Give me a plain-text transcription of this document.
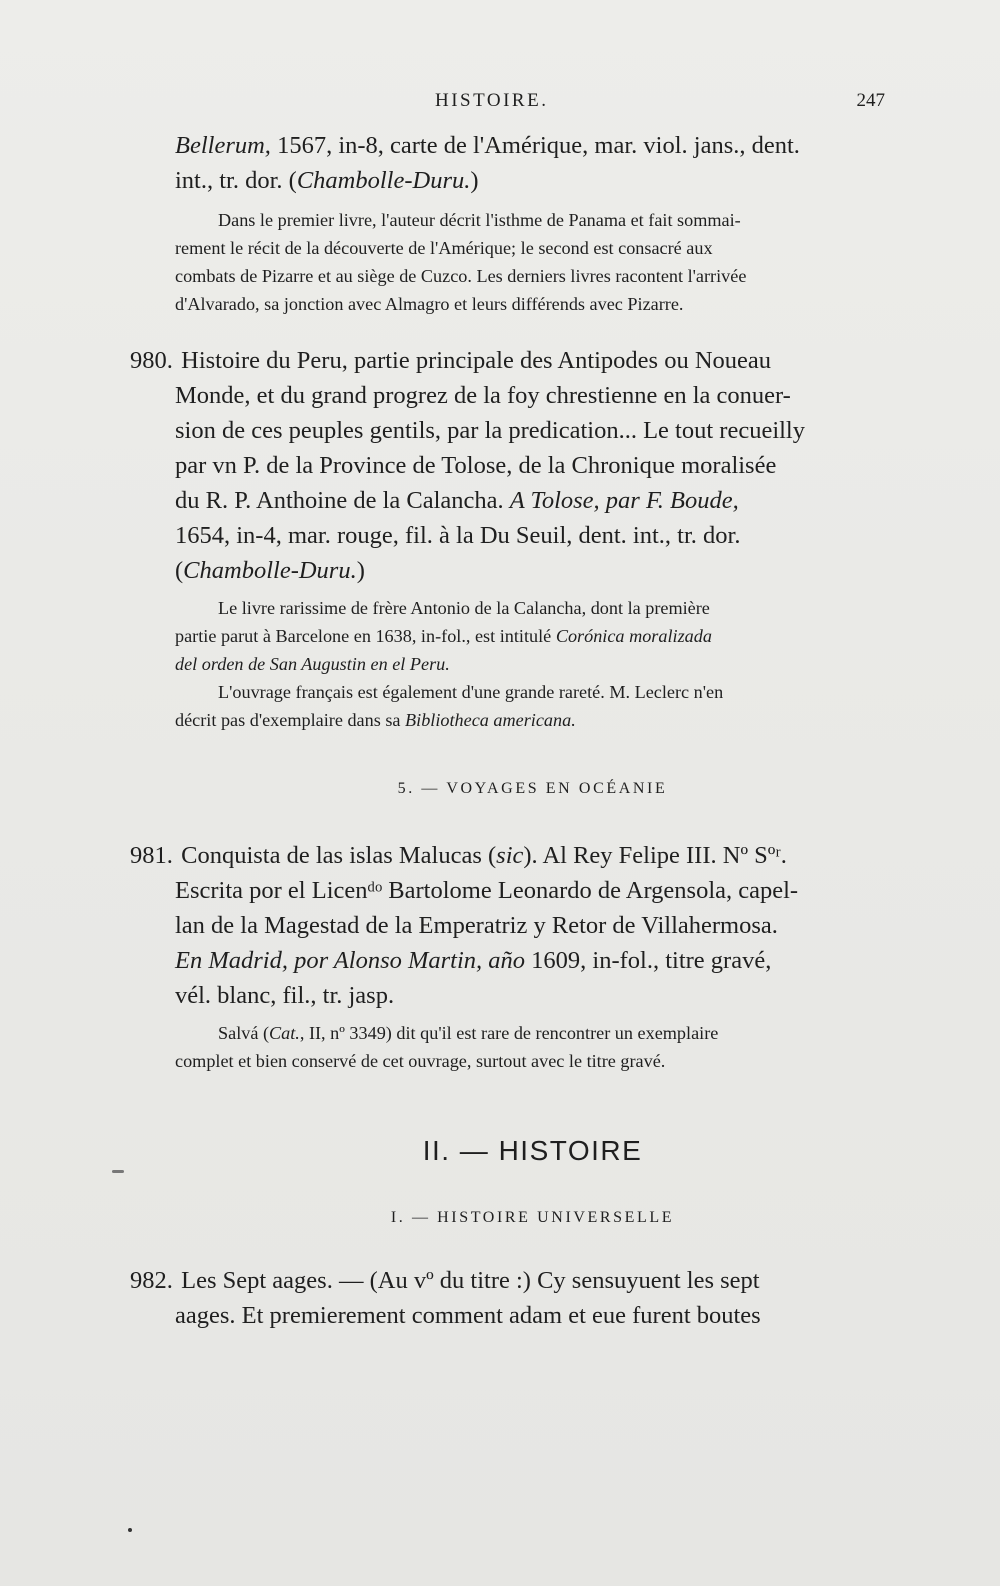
HISTOIRE.	247
Bellerum, 1567, in-8, carte de l'Amérique, mar. viol. jans., dent.
int., tr. dor. (Chambolle-Duru.)
Dans le premier livre, l'auteur décrit l'isthme de Panama et fait sommai-
rement le récit de la découverte de l'Amérique; le second est consacré aux
combats de Pizarre et au siège de Cuzco. Les derniers livres racontent l'arrivée
d'Alvarado, sa jonction avec Almagro et leurs différends avec Pizarre.
980. Histoire du Peru, partie principale des Antipodes ou Noueau
Monde, et du grand progrez de la foy chrestienne en la conuer-
sion de ces peuples gentils, par la predication... Le tout recueilly
par vn P. de la Province de Tolose, de la Chronique moralisée
du R. P. Anthoine de la Calancha. A Tolose, par F. Boude,
1654, in-4, mar. rouge, fil. à la Du Seuil, dent. int., tr. dor.
(Chambolle-Duru.)
Le livre rarissime de frère Antonio de la Calancha, dont la première
partie parut à Barcelone en 1638, in-fol., est intitulé Corónica moralizada
del orden de San Augustin en el Peru.
L'ouvrage français est également d'une grande rareté. M. Leclerc n'en
décrit pas d'exemplaire dans sa Bibliotheca americana.
5. — VOYAGES EN OCÉANIE
981. Conquista de las islas Malucas (sic). Al Rey Felipe III. Nº Sºʳ.
Escrita por el Licenᵈᵒ Bartolome Leonardo de Argensola, capel-
lan de la Magestad de la Emperatriz y Retor de Villahermosa.
En Madrid, por Alonso Martin, año 1609, in-fol., titre gravé,
vél. blanc, fil., tr. jasp.
Salvá (Cat., II, nº 3349) dit qu'il est rare de rencontrer un exemplaire
complet et bien conservé de cet ouvrage, surtout avec le titre gravé.
II. — HISTOIRE
I. — HISTOIRE UNIVERSELLE
982. Les Sept aages. — (Au vº du titre :) Cy sensuyuent les sept
aages. Et premierement comment adam et eue furent boutes
